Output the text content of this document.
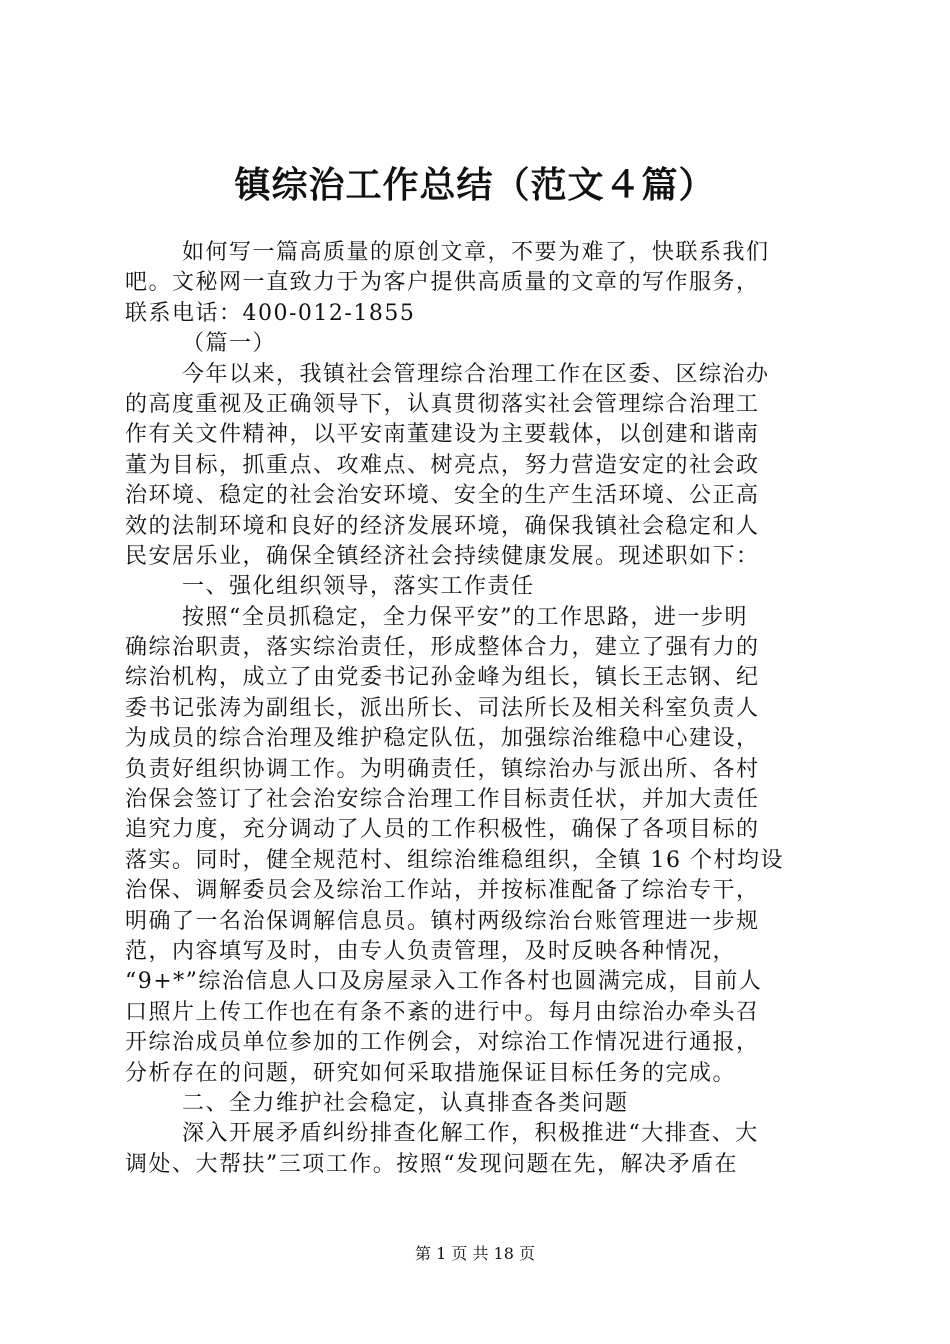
镇综治工作总结（范文４篇）
如何写一篇高质量的原创文章，不要为难了，快联系我们
吧。文秘网一直致力于为客户提供高质量的文章的写作服务，
联系电话：400-012-1855
（篇一）
今年以来，我镇社会管理综合治理工作在区委、区综治办
的高度重视及正确领导下，认真贯彻落实社会管理综合治理工
作有关文件精神，以平安南董建设为主要载体，以创建和谐南
董为目标，抓重点、攻难点、树亮点，努力营造安定的社会政
治环境、稳定的社会治安环境、安全的生产生活环境、公正高
效的法制环境和良好的经济发展环境，确保我镇社会稳定和人
民安居乐业，确保全镇经济社会持续健康发展。现述职如下：
一、强化组织领导，落实工作责任
按照“全员抓稳定，全力保平安”的工作思路，进一步明
确综治职责，落实综治责任，形成整体合力，建立了强有力的
综治机构，成立了由党委书记孙金峰为组长，镇长王志钢、纪
委书记张涛为副组长，派出所长、司法所长及相关科室负责人
为成员的综合治理及维护稳定队伍，加强综治维稳中心建设，
负责好组织协调工作。为明确责任，镇综治办与派出所、各村
治保会签订了社会治安综合治理工作目标责任状，并加大责任
追究力度，充分调动了人员的工作积极性，确保了各项目标的
落实。同时，健全规范村、组综治维稳组织，全镇 16 个村均设
治保、调解委员会及综治工作站，并按标准配备了综治专干，
明确了一名治保调解信息员。镇村两级综治台账管理进一步规
范，内容填写及时，由专人负责管理，及时反映各种情况，
“9+*”综治信息人口及房屋录入工作各村也圆满完成，目前人
口照片上传工作也在有条不紊的进行中。每月由综治办牵头召
开综治成员单位参加的工作例会，对综治工作情况进行通报，
分析存在的问题，研究如何采取措施保证目标任务的完成。
二、全力维护社会稳定，认真排查各类问题
深入开展矛盾纠纷排查化解工作，积极推进“大排查、大
调处、大帮扶”三项工作。按照“发现问题在先，解决矛盾在
第 1 页 共 18 页
